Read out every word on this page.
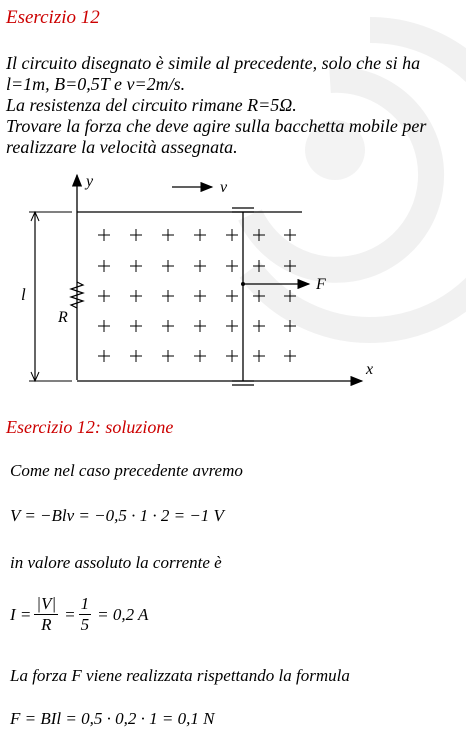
Esercizio 12
Il circuito disegnato è simile al precedente, solo che si ha
l=1m, B=0,5T e v=2m/s.
La resistenza del circuito rimane R=5Ω.
Trovare la forza che deve agire sulla bacchetta mobile per
realizzare la velocità assegnata.
y
x
v
F
l
R
Esercizio 12: soluzione
Come nel caso precedente avremo
V = −Blv = −0,5 · 1 · 2 = −1 V
in valore assoluto la corrente è
$I = \frac{|V|}{R} = \frac{1}{5} = 0,2$ A
La forza F viene realizzata rispettando la formula
F = BIl = 0,5 · 0,2 · 1 = 0,1 N
